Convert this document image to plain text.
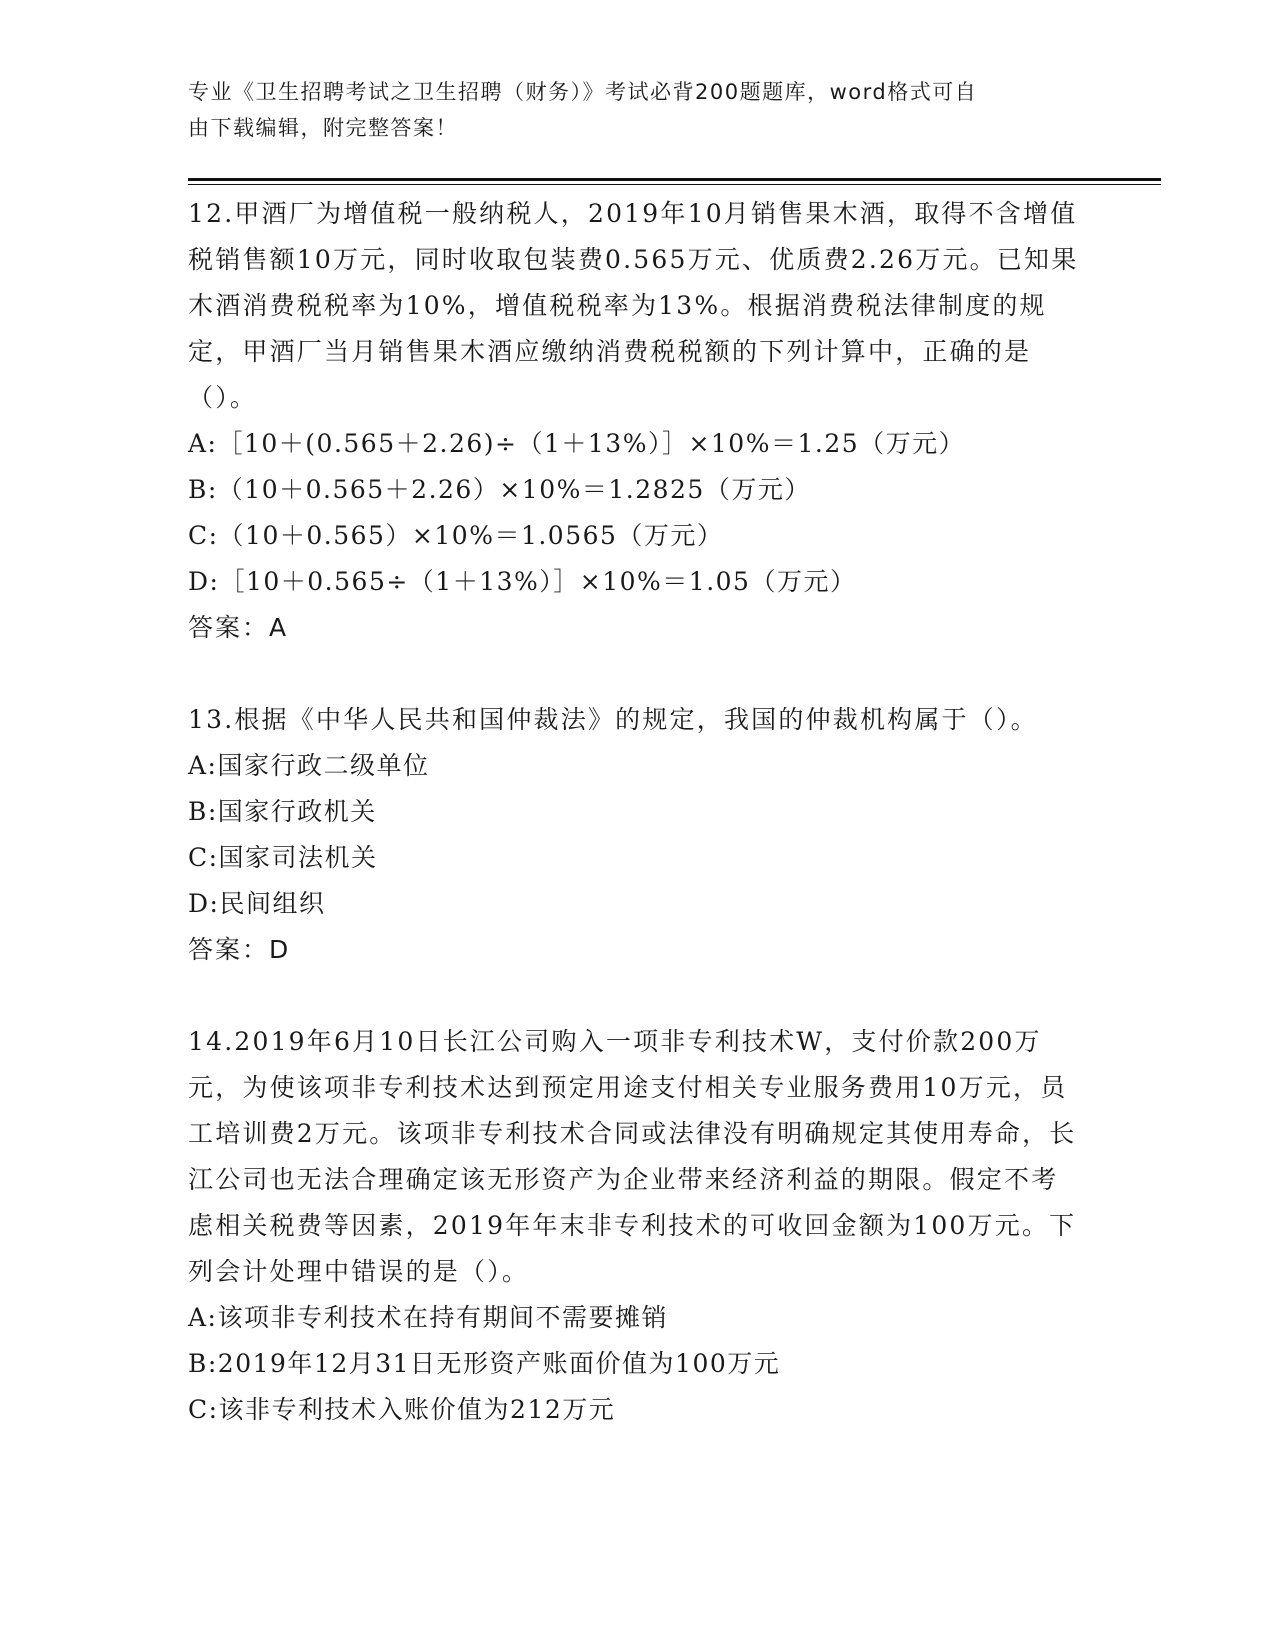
专业《卫生招聘考试之卫生招聘（财务）》考试必背200题题库，word格式可自
由下载编辑，附完整答案！

12.甲酒厂为增值税一般纳税人，2019年10月销售果木酒，取得不含增值税销售额10万元，同时收取包装费0.565万元、优质费2.26万元。已知果木酒消费税税率为10%，增值税税率为13%。根据消费税法律制度的规定，甲酒厂当月销售果木酒应缴纳消费税税额的下列计算中，正确的是（）。

A:［10＋(0.565＋2.26)÷（1＋13%）］×10%＝1.25（万元）

B:（10＋0.565＋2.26）×10%＝1.2825（万元）

C:（10＋0.565）×10%＝1.0565（万元）

D:［10＋0.565÷（1＋13%）］×10%＝1.05（万元）

答案：A

13.根据《中华人民共和国仲裁法》的规定，我国的仲裁机构属于（）。

A:国家行政二级单位

B:国家行政机关

C:国家司法机关

D:民间组织

答案：D

14.2019年6月10日长江公司购入一项非专利技术W，支付价款200万元，为使该项非专利技术达到预定用途支付相关专业服务费用10万元，员工培训费2万元。该项非专利技术合同或法律没有明确规定其使用寿命，长江公司也无法合理确定该无形资产为企业带来经济利益的期限。假定不考虑相关税费等因素，2019年年末非专利技术的可收回金额为100万元。下列会计处理中错误的是（）。

A:该项非专利技术在持有期间不需要摊销

B:2019年12月31日无形资产账面价值为100万元

C:该非专利技术入账价值为212万元
